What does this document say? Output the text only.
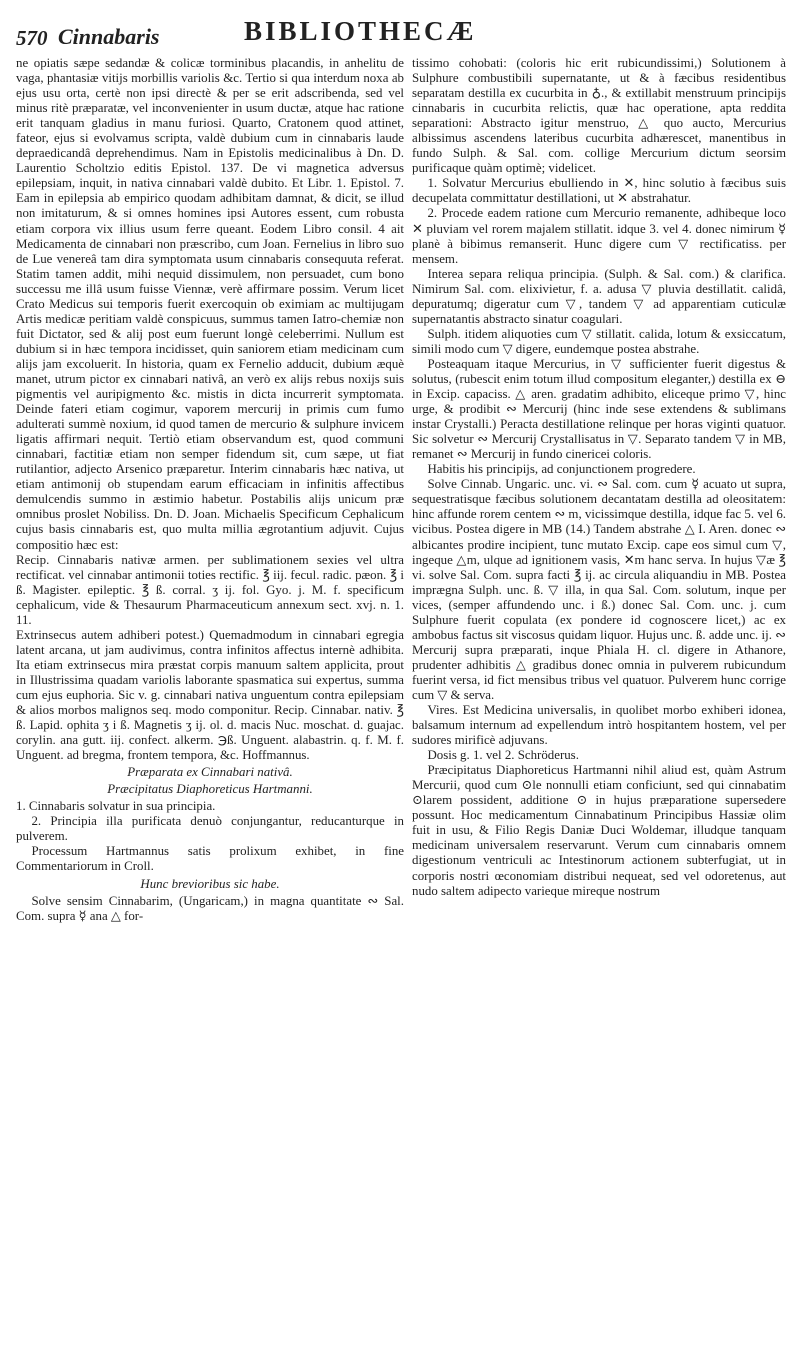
570 Cinnabaris	BIBLIOTHECÆ

ne opiatis sæpe sedandæ & colicæ torminibus placandis, in anhelitu de vaga, phantasiæ vitijs morbillis variolis &c. Tertio si qua interdum noxa ab ejus usu orta, certè non ipsi directè & per se erit adscribenda, sed vel minus ritè præparatæ, vel inconvenienter in usum ductæ, atque hac ratione erit tanquam gladius in manu furiosi. Quarto, Cratonem quod attinet, fateor, ejus si evolvamus scripta, valdè dubium cum in cinnabaris laude depraedicandâ deprehendimus. Nam in Epistolis medicinalibus à Dn. D. Laurentio Scholtzio editis Epistol. 137. De vi magnetica adversus epilepsiam, inquit, in nativa cinnabari valdè dubito. Et Libr. 1. Epistol. 7. Eam in epilepsia ab empirico quodam adhibitam damnat, & dicit, se illud non imitaturum, & si omnes homines ipsi Autores essent, cum robusta etiam corpora vix illius usum ferre queant. Eodem Libro consil. 4 ait Medicamenta de cinnabari non præscribo, cum Joan. Fernelius in libro suo de Lue venereâ tam dira symptomata usum cinnabaris consequuta referat. Statim tamen addit, mihi nequid dissimulem, non persuadet, cum bono successu me illâ usum fuisse Viennæ, verè affirmare possim. Verum licet Crato Medicus sui temporis fuerit exercoquin ob eximiam ac multijugam Artis medicæ peritiam valdè conspicuus, summus tamen Iatro-chemiæ non fuit Dictator, sed & alij post eum fuerunt longè celeberrimi. Nullum est dubium si in hæc tempora incidisset, quin saniorem etiam medicinam cum alijs jam excoluerit. In historia, quam ex Fernelio adducit, dubium æquè manet, utrum pictor ex cinnabari nativâ, an verò ex alijs rebus noxijs suis pigmentis vel auripigmento &c. mistis in dicta incurrerit symptomata. Deinde fateri etiam cogimur, vaporem mercurij in primis cum fumo adulterati summè noxium, id quod tamen de mercurio & sulphure invicem ligatis affirmari nequit. Tertiò etiam observandum est, quod communi cinnabari, factitiæ etiam non semper fidendum sit, cum sæpe, ut fiat rutilantior, adjecto Arsenico præparetur. Interim cinnabaris hæc nativa, ut etiam antimonij ob stupendam earum efficaciam in infinitis affectibus demulcendis summo in æstimio habetur. Postabilis alijs unicum præ omnibus proslet Nobiliss. Dn. D. Joan. Michaelis Specificum Cephalicum cujus basis cinnabaris est, quo multa millia ægrotantium adjuvit. Cujus compositio hæc est:

Recip. Cinnabaris nativæ armen. per sublimationem sexies vel ultra rectificat. vel cinnabar antimonii toties rectific. ℥ iij. fecul. radic. pæon. ℥ i ß. Magister. epileptic. ℥ ß. corral. ʒ ij. fol. Gyo. j. M. f. specificum cephalicum, vide & Thesaurum Pharmaceuticum annexum sect. xvj. n. 1. 11.

Extrinsecus autem adhiberi potest.) Quemadmodum in cinnabari egregia latent arcana, ut jam audivimus, contra infinitos affectus internè adhibita. Ita etiam extrinsecus mira præstat corpis manuum saltem applicita, prout in Illustrissima quadam variolis laborante spasmatica sui expertus, summa cum ejus euphoria. Sic v. g. cinnabari nativa unguentum contra epilepsiam & alios morbos malignos seq. modo componitur. Recip. Cinnabar. nativ. ℥ ß. Lapid. ophita ʒ i ß. Magnetis ʒ ij. ol. d. macis Nuc. moschat. d. guajac. corylin. ana gutt. iij. confect. alkerm. ℈ß. Unguent. alabastrin. q. f. M. f. Unguent. ad bregma, frontem tempora, &c. Hoffmannus.

Præparata ex Cinnabari nativâ.

Præcipitatus Diaphoreticus Hartmanni.

1. Cinnabaris solvatur in sua principia.

2. Principia illa purificata denuò conjungantur, reducanturque in pulverem.

Processum Hartmannus satis prolixum exhibet, in fine Commentariorum in Croll.

Hunc brevioribus sic habe.

Solve sensim Cinnabarim, (Ungaricam,) in magna quantitate ∾ Sal. Com. supra ☿ ana △ for-

tissimo cohobati: (coloris hic erit rubicundissimi,) Solutionem à Sulphure combustibili supernatante, ut & à fæcibus residentibus separatam destilla ex cucurbita in ♁., & extillabit menstruum principijs cinnabaris in cucurbita relictis, quæ hac operatione, apta reddita separationi: Abstracto igitur menstruo, △ quo aucto, Mercurius albissimus ascendens lateribus cucurbita adhærescet, manentibus in fundo Sulph. & Sal. com. collige Mercurium dictum seorsim purificaque quàm optimè; videlicet.

1. Solvatur Mercurius ebulliendo in ✕, hinc solutio à fæcibus suis decupelata committatur destillationi, ut ✕ abstrahatur.

2. Procede eadem ratione cum Mercurio remanente, adhibeque loco ✕ pluviam vel rorem majalem stillatit. idque 3. vel 4. donec nimirum ☿ planè à bibimus remanserit. Hunc digere cum ▽ rectificatiss. per mensem.

Interea separa reliqua principia. (Sulph. & Sal. com.) & clarifica. Nimirum Sal. com. elixivietur, f. a. adusa ▽ pluvia destillatit. calidâ, depuratumq; digeratur cum ▽, tandem ▽ ad apparentiam cuticulæ supernatantis abstracto sinatur coagulari.

Sulph. itidem aliquoties cum ▽ stillatit. calida, lotum & exsiccatum, simili modo cum ▽ digere, eundemque postea abstrahe.

Posteaquam itaque Mercurius, in ▽ sufficienter fuerit digestus & solutus, (rubescit enim totum illud compositum eleganter,) destilla ex ⊖ in Excip. capaciss. △ aren. gradatim adhibito, eliceque primo ▽, hinc urge, & prodibit ∾ Mercurij (hinc inde sese extendens & sublimans instar Crystalli.) Peracta destillatione relinque per horas viginti quatuor. Sic solvetur ∾ Mercurij Crystallisatus in ▽. Separato tandem ▽ in MB, remanet ∾ Mercurij in fundo cinericei coloris.

Habitis his principijs, ad conjunctionem progredere.

Solve Cinnab. Ungaric. unc. vi. ∾ Sal. com. cum ☿ acuato ut supra, sequestratisque fæcibus solutionem decantatam destilla ad oleositatem: hinc affunde rorem centem ∾ m, vicissimque destilla, idque fac 5. vel 6. vicibus. Postea digere in MB (14.) Tandem abstrahe △ I. Aren. donec ∾ albicantes prodire incipient, tunc mutato Excip. cape eos simul cum ▽, ingeque △m, ulque ad ignitionem vasis, ✕m hanc serva. In hujus ▽æ ℥ vi. solve Sal. Com. supra facti ℥ ij. ac circula aliquandiu in MB. Postea imprægna Sulph. unc. ß. ▽ illa, in qua Sal. Com. solutum, inque per vices, (semper affundendo unc. i ß.) donec Sal. Com. unc. j. cum Sulphure fuerit copulata (ex pondere id cognoscere licet,) ac ex ambobus factus sit viscosus quidam liquor. Hujus unc. ß. adde unc. ij. ∾ Mercurij supra præparati, inque Phiala H. cl. digere in Athanore, prudenter adhibitis △ gradibus donec omnia in pulverem rubicundum fuerint versa, id fict mensibus tribus vel quatuor. Pulverem hunc corrige cum ▽ & serva.

Vires. Est Medicina universalis, in quolibet morbo exhiberi idonea, balsamum internum ad expellendum intrò hospitantem hostem, vel per sudores mirificè adjuvans.

Dosis g. 1. vel 2. Schröderus.

Præcipitatus Diaphoreticus Hartmanni nihil aliud est, quàm Astrum Mercurii, quod cum ⊙le nonnulli etiam conficiunt, sed qui cinnabatim ⊙larem possident, additione ⊙ in hujus præparatione supersedere possunt. Hoc medicamentum Cinnabatinum Principibus Hassiæ olim fuit in usu, & Filio Regis Daniæ Duci Woldemar, illudque tanquam medicinam universalem reservarunt. Verum cum cinnabaris omnem digestionum ventriculi ac Intestinorum actionem subterfugiat, ut in corporis nostri œconomiam distribui nequeat, sed vel odoretenus, aut nudo saltem adipecto varieque mireque nostrum
